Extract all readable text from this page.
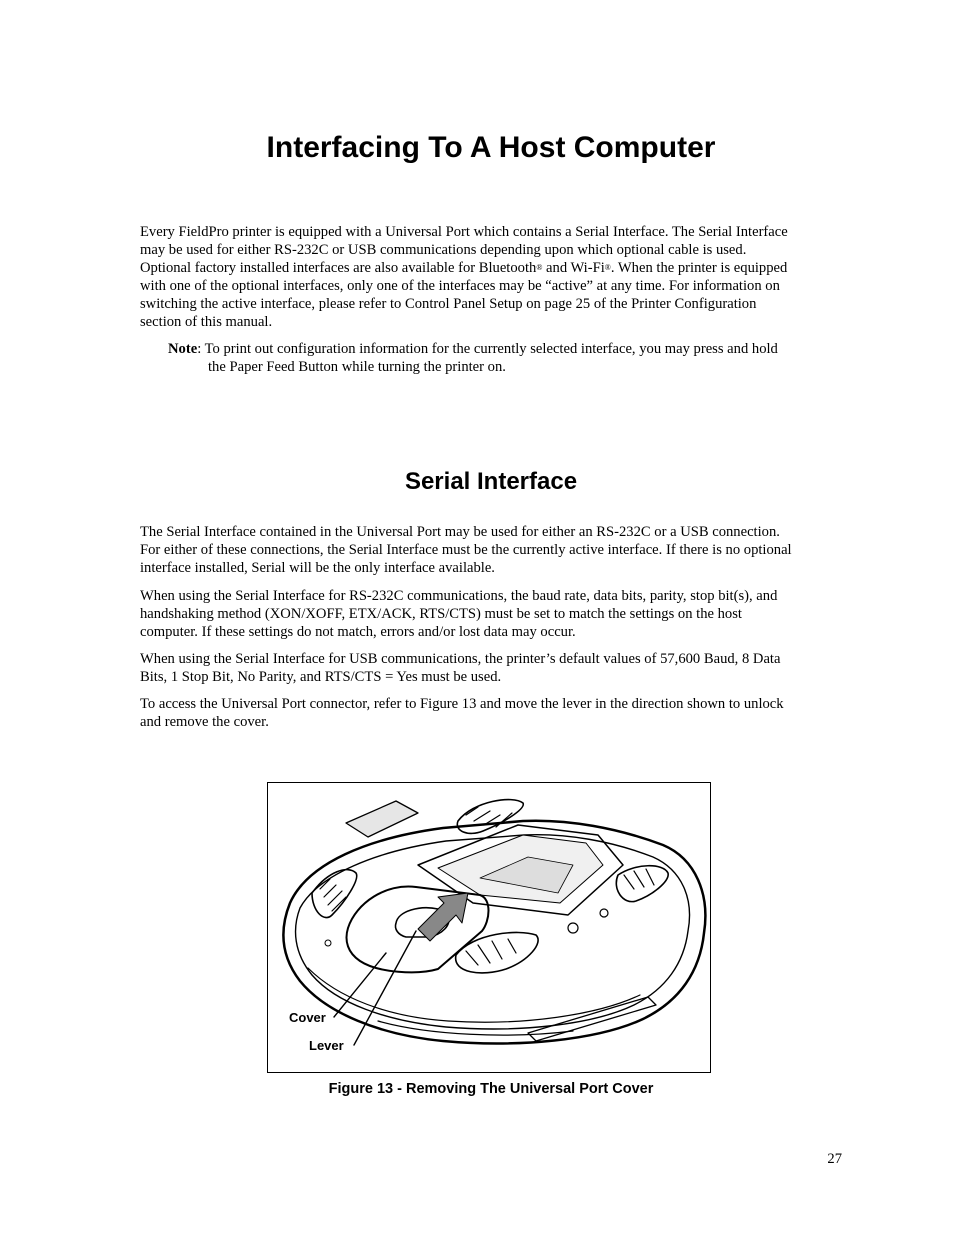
Interfacing To A Host Computer

Every FieldPro printer is equipped with a Universal Port which contains a Serial Interface. The Serial Interface
may be used for either RS-232C or USB communications depending upon which optional cable is used.
Optional factory installed interfaces are also available for Bluetooth® and Wi-Fi®. When the printer is equipped
with one of the optional interfaces, only one of the interfaces may be “active” at any time. For information on
switching the active interface, please refer to Control Panel Setup on page 25 of the Printer Configuration
section of this manual.

Note: To print out configuration information for the currently selected interface, you may press and hold
the Paper Feed Button while turning the printer on.

Serial Interface

The Serial Interface contained in the Universal Port may be used for either an RS-232C or a USB connection.
For either of these connections, the Serial Interface must be the currently active interface. If there is no optional
interface installed, Serial will be the only interface available.

When using the Serial Interface for RS-232C communications, the baud rate, data bits, parity, stop bit(s), and
handshaking method (XON/XOFF, ETX/ACK, RTS/CTS) must be set to match the settings on the host
computer. If these settings do not match, errors and/or lost data may occur.

When using the Serial Interface for USB communications, the printer’s default values of 57,600 Baud, 8 Data
Bits, 1 Stop Bit, No Parity, and RTS/CTS = Yes must be used.

To access the Universal Port connector, refer to Figure 13 and move the lever in the direction shown to unlock
and remove the cover.

Cover
Lever

Figure 13 - Removing The Universal Port Cover

27
